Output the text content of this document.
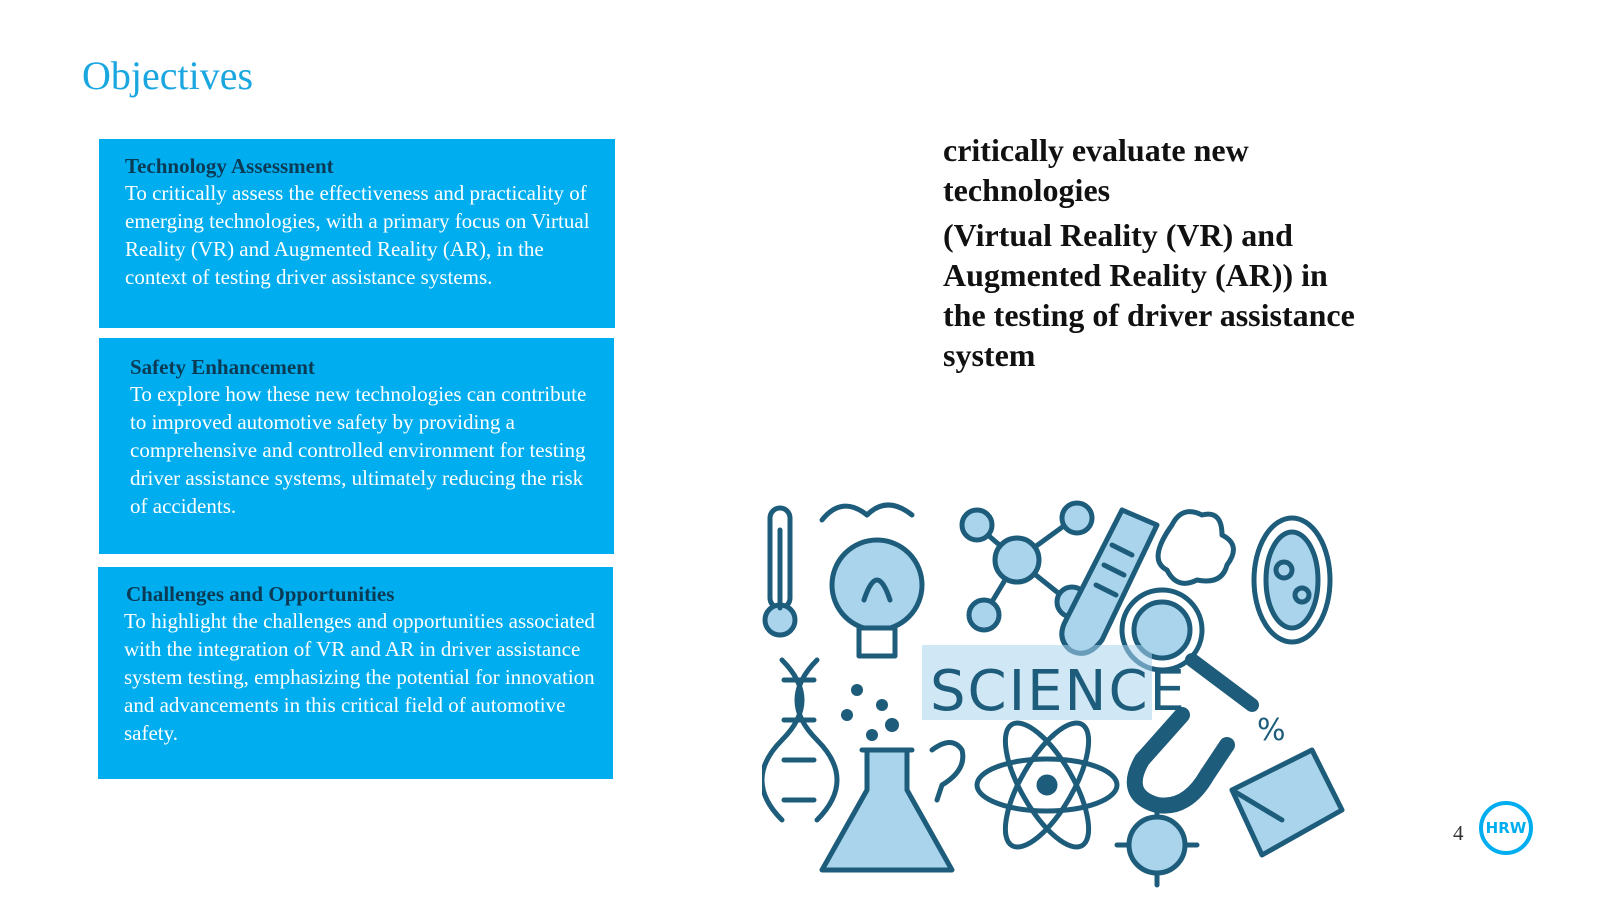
Objectives
Technology Assessment

To critically assess the effectiveness and practicality of emerging technologies, with a primary focus on Virtual Reality (VR) and Augmented Reality (AR), in the context of testing driver assistance systems.

Safety Enhancement

To explore how these new technologies can contribute to improved automotive safety by providing a comprehensive and controlled environment for testing driver assistance systems, ultimately reducing the risk of accidents.

Challenges and Opportunities

To highlight the challenges and opportunities associated with the integration of VR and AR in driver assistance system testing, emphasizing the potential for innovation and advancements in this critical field of automotive safety.

critically evaluate new technologies
(Virtual Reality (VR) and Augmented Reality (AR)) in the testing of driver assistance system
%
SCIENCE
4 HRW
